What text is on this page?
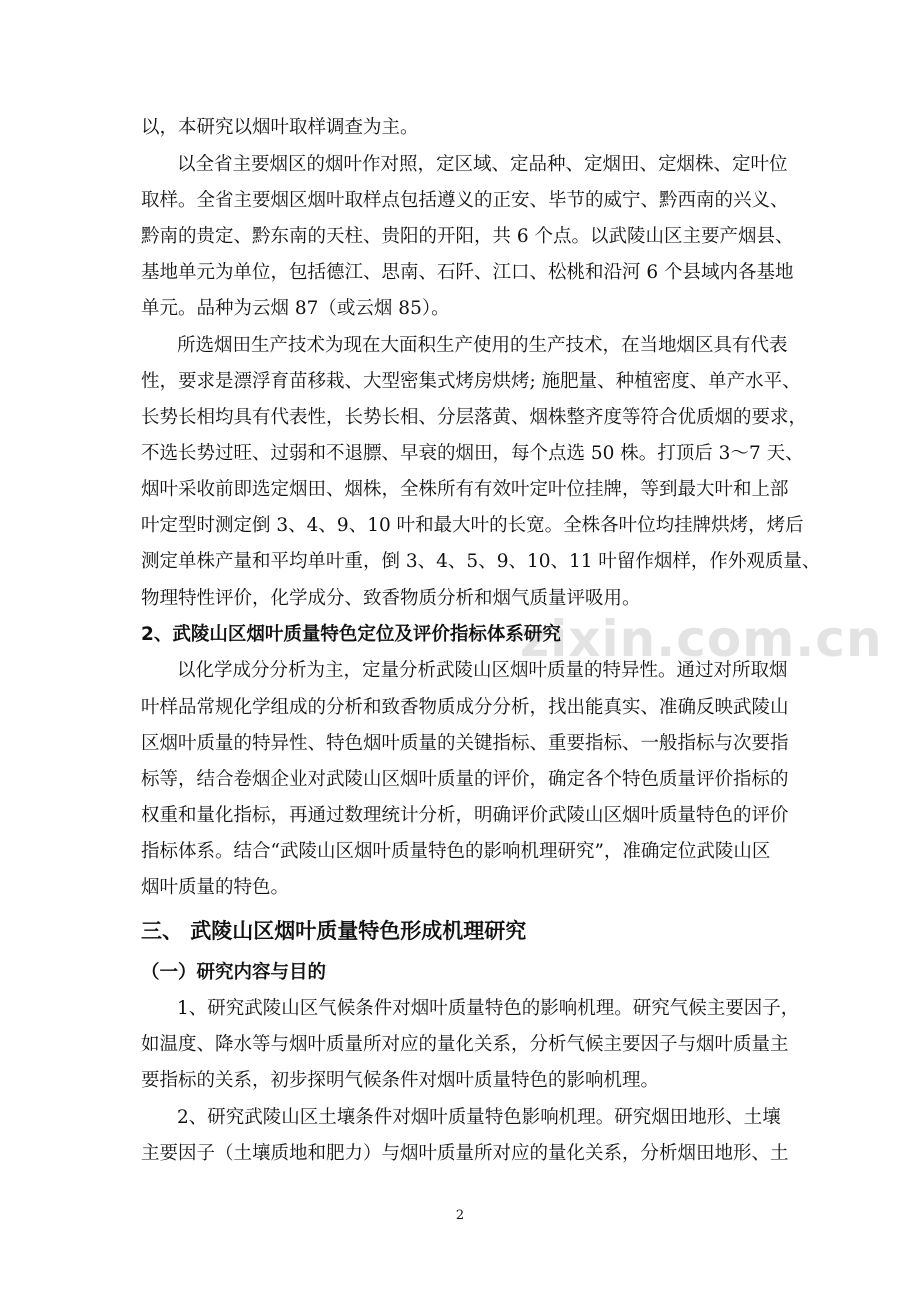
zixin.com.cn
以，本研究以烟叶取样调查为主。
以全省主要烟区的烟叶作对照，定区域、定品种、定烟田、定烟株、定叶位
取样。全省主要烟区烟叶取样点包括遵义的正安、毕节的威宁、黔西南的兴义、
黔南的贵定、黔东南的天柱、贵阳的开阳，共 6 个点。以武陵山区主要产烟县、
基地单元为单位，包括德江、思南、石阡、江口、松桃和沿河 6 个县域内各基地
单元。品种为云烟 87（或云烟 85）。
所选烟田生产技术为现在大面积生产使用的生产技术，在当地烟区具有代表
性，要求是漂浮育苗移栽、大型密集式烤房烘烤; 施肥量、种植密度、单产水平、
长势长相均具有代表性，长势长相、分层落黄、烟株整齐度等符合优质烟的要求，
不选长势过旺、过弱和不退膘、早衰的烟田，每个点选 50 株。打顶后 3～7 天、
烟叶采收前即选定烟田、烟株，全株所有有效叶定叶位挂牌，等到最大叶和上部
叶定型时测定倒 3、4、9、10 叶和最大叶的长宽。全株各叶位均挂牌烘烤，烤后
测定单株产量和平均单叶重，倒 3、4、5、9、10、11 叶留作烟样，作外观质量、
物理特性评价，化学成分、致香物质分析和烟气质量评吸用。
2、武陵山区烟叶质量特色定位及评价指标体系研究
以化学成分分析为主，定量分析武陵山区烟叶质量的特异性。通过对所取烟
叶样品常规化学组成的分析和致香物质成分分析，找出能真实、准确反映武陵山
区烟叶质量的特异性、特色烟叶质量的关键指标、重要指标、一般指标与次要指
标等，结合卷烟企业对武陵山区烟叶质量的评价，确定各个特色质量评价指标的
权重和量化指标，再通过数理统计分析，明确评价武陵山区烟叶质量特色的评价
指标体系。结合“武陵山区烟叶质量特色的影响机理研究”，准确定位武陵山区
烟叶质量的特色。
三、 武陵山区烟叶质量特色形成机理研究
（一）研究内容与目的
1、研究武陵山区气候条件对烟叶质量特色的影响机理。研究气候主要因子，
如温度、降水等与烟叶质量所对应的量化关系，分析气候主要因子与烟叶质量主
要指标的关系，初步探明气候条件对烟叶质量特色的影响机理。
2、研究武陵山区土壤条件对烟叶质量特色影响机理。研究烟田地形、土壤
主要因子（土壤质地和肥力）与烟叶质量所对应的量化关系，分析烟田地形、土
2
